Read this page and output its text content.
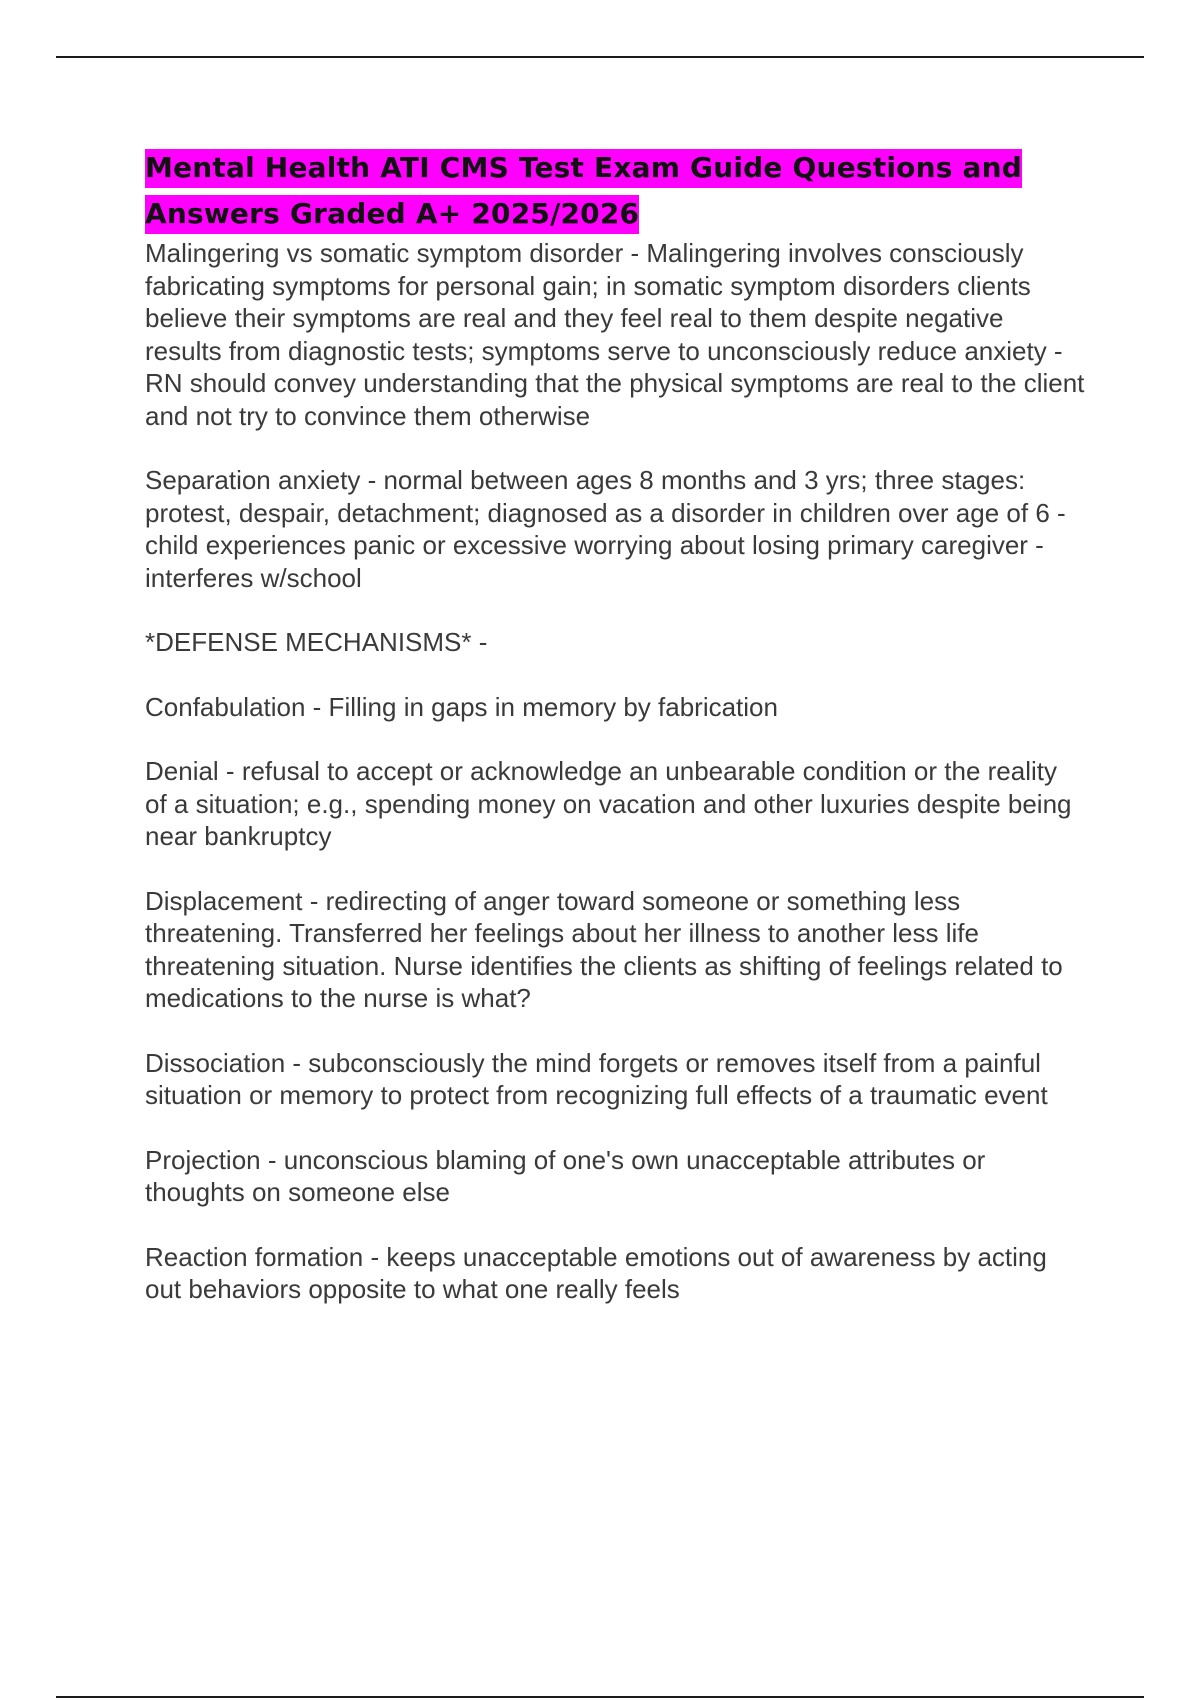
Mental Health ATI CMS Test Exam Guide Questions and Answers Graded A+ 2025/2026

Malingering vs somatic symptom disorder - Malingering involves consciously fabricating symptoms for personal gain; in somatic symptom disorders clients believe their symptoms are real and they feel real to them despite negative results from diagnostic tests; symptoms serve to unconsciously reduce anxiety - RN should convey understanding that the physical symptoms are real to the client and not try to convince them otherwise

Separation anxiety - normal between ages 8 months and 3 yrs; three stages: protest, despair, detachment; diagnosed as a disorder in children over age of 6 - child experiences panic or excessive worrying about losing primary caregiver - interferes w/school

*DEFENSE MECHANISMS* -

Confabulation - Filling in gaps in memory by fabrication

Denial - refusal to accept or acknowledge an unbearable condition or the reality of a situation; e.g., spending money on vacation and other luxuries despite being near bankruptcy

Displacement - redirecting of anger toward someone or something less threatening. Transferred her feelings about her illness to another less life threatening situation. Nurse identifies the clients as shifting of feelings related to medications to the nurse is what?

Dissociation - subconsciously the mind forgets or removes itself from a painful situation or memory to protect from recognizing full effects of a traumatic event

Projection - unconscious blaming of one's own unacceptable attributes or thoughts on someone else

Reaction formation - keeps unacceptable emotions out of awareness by acting out behaviors opposite to what one really feels
